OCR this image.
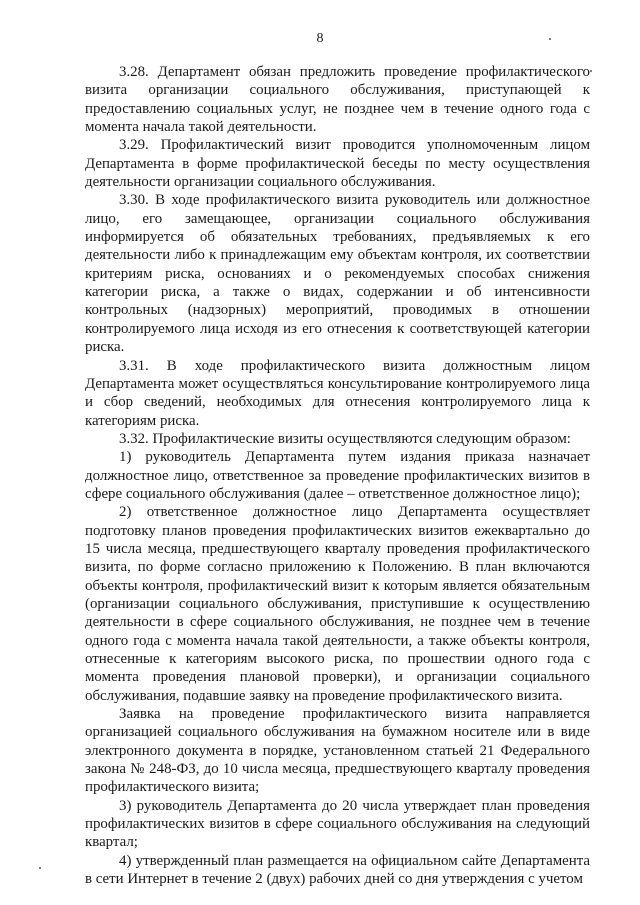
8

3.28. Департамент обязан предложить проведение профилактического визита организации социального обслуживания, приступающей к предоставлению социальных услуг, не позднее чем в течение одного года с момента начала такой деятельности.

3.29. Профилактический визит проводится уполномоченным лицом Департамента в форме профилактической беседы по месту осуществления деятельности организации социального обслуживания.

3.30. В ходе профилактического визита руководитель или должностное лицо, его замещающее, организации социального обслуживания информируется об обязательных требованиях, предъявляемых к его деятельности либо к принадлежащим ему объектам контроля, их соответствии критериям риска, основаниях и о рекомендуемых способах снижения категории риска, а также о видах, содержании и об интенсивности контрольных (надзорных) мероприятий, проводимых в отношении контролируемого лица исходя из его отнесения к соответствующей категории риска.

3.31. В ходе профилактического визита должностным лицом Департамента может осуществляться консультирование контролируемого лица и сбор сведений, необходимых для отнесения контролируемого лица к категориям риска.

3.32. Профилактические визиты осуществляются следующим образом:

1) руководитель Департамента путем издания приказа назначает должностное лицо, ответственное за проведение профилактических визитов в сфере социального обслуживания (далее – ответственное должностное лицо);

2) ответственное должностное лицо Департамента осуществляет подготовку планов проведения профилактических визитов ежеквартально до 15 числа месяца, предшествующего кварталу проведения профилактического визита, по форме согласно приложению к Положению. В план включаются объекты контроля, профилактический визит к которым является обязательным (организации социального обслуживания, приступившие к осуществлению деятельности в сфере социального обслуживания, не позднее чем в течение одного года с момента начала такой деятельности, а также объекты контроля, отнесенные к категориям высокого риска, по прошествии одного года с момента проведения плановой проверки), и организации социального обслуживания, подавшие заявку на проведение профилактического визита.

Заявка на проведение профилактического визита направляется организацией социального обслуживания на бумажном носителе или в виде электронного документа в порядке, установленном статьей 21 Федерального закона № 248-ФЗ, до 10 числа месяца, предшествующего кварталу проведения профилактического визита;

3) руководитель Департамента до 20 числа утверждает план проведения профилактических визитов в сфере социального обслуживания на следующий квартал;

4) утвержденный план размещается на официальном сайте Департамента в сети Интернет в течение 2 (двух) рабочих дней со дня утверждения с учетом
